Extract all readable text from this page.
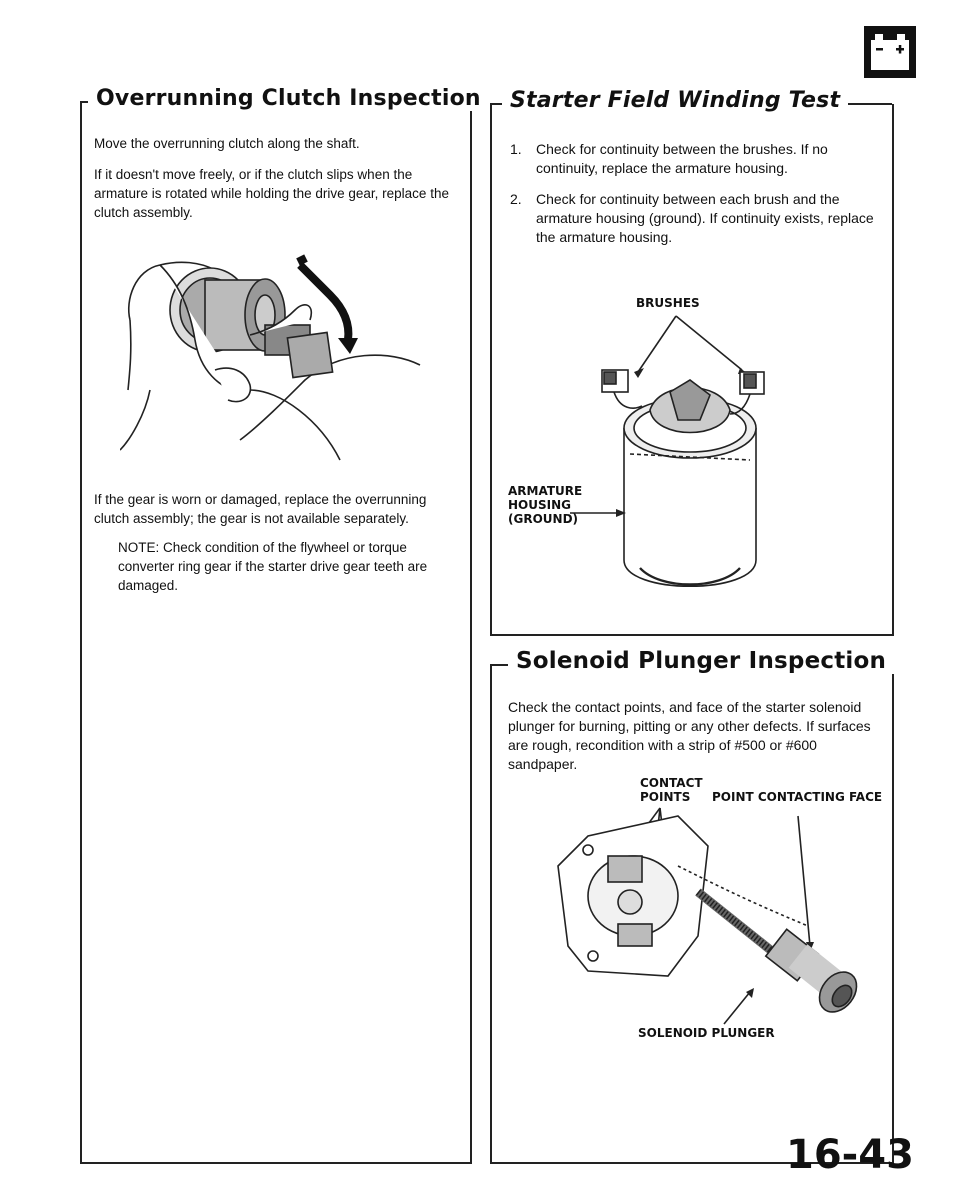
Overrunning Clutch Inspection

Move the overrunning clutch along the shaft.

If it doesn't move freely, or if the clutch slips when the armature is rotated while holding the drive gear, replace the clutch assembly.

If the gear is worn or damaged, replace the overrunning clutch assembly; the gear is not available separately.

NOTE: Check condition of the flywheel or torque converter ring gear if the starter drive gear teeth are damaged.

Starter Field Winding Test
1. Check for continuity between the brushes. If no continuity, replace the armature housing.
2. Check for continuity between each brush and the armature housing (ground). If continuity exists, replace the armature housing.
BRUSHES
ARMATURE
HOUSING
(GROUND)
Solenoid Plunger Inspection

Check the contact points, and face of the starter solenoid plunger for burning, pitting or any other defects. If surfaces are rough, recondition with a strip of #500 or #600 sandpaper.

CONTACT
POINTS	POINT CONTACTING FACE
SOLENOID PLUNGER
16-43
